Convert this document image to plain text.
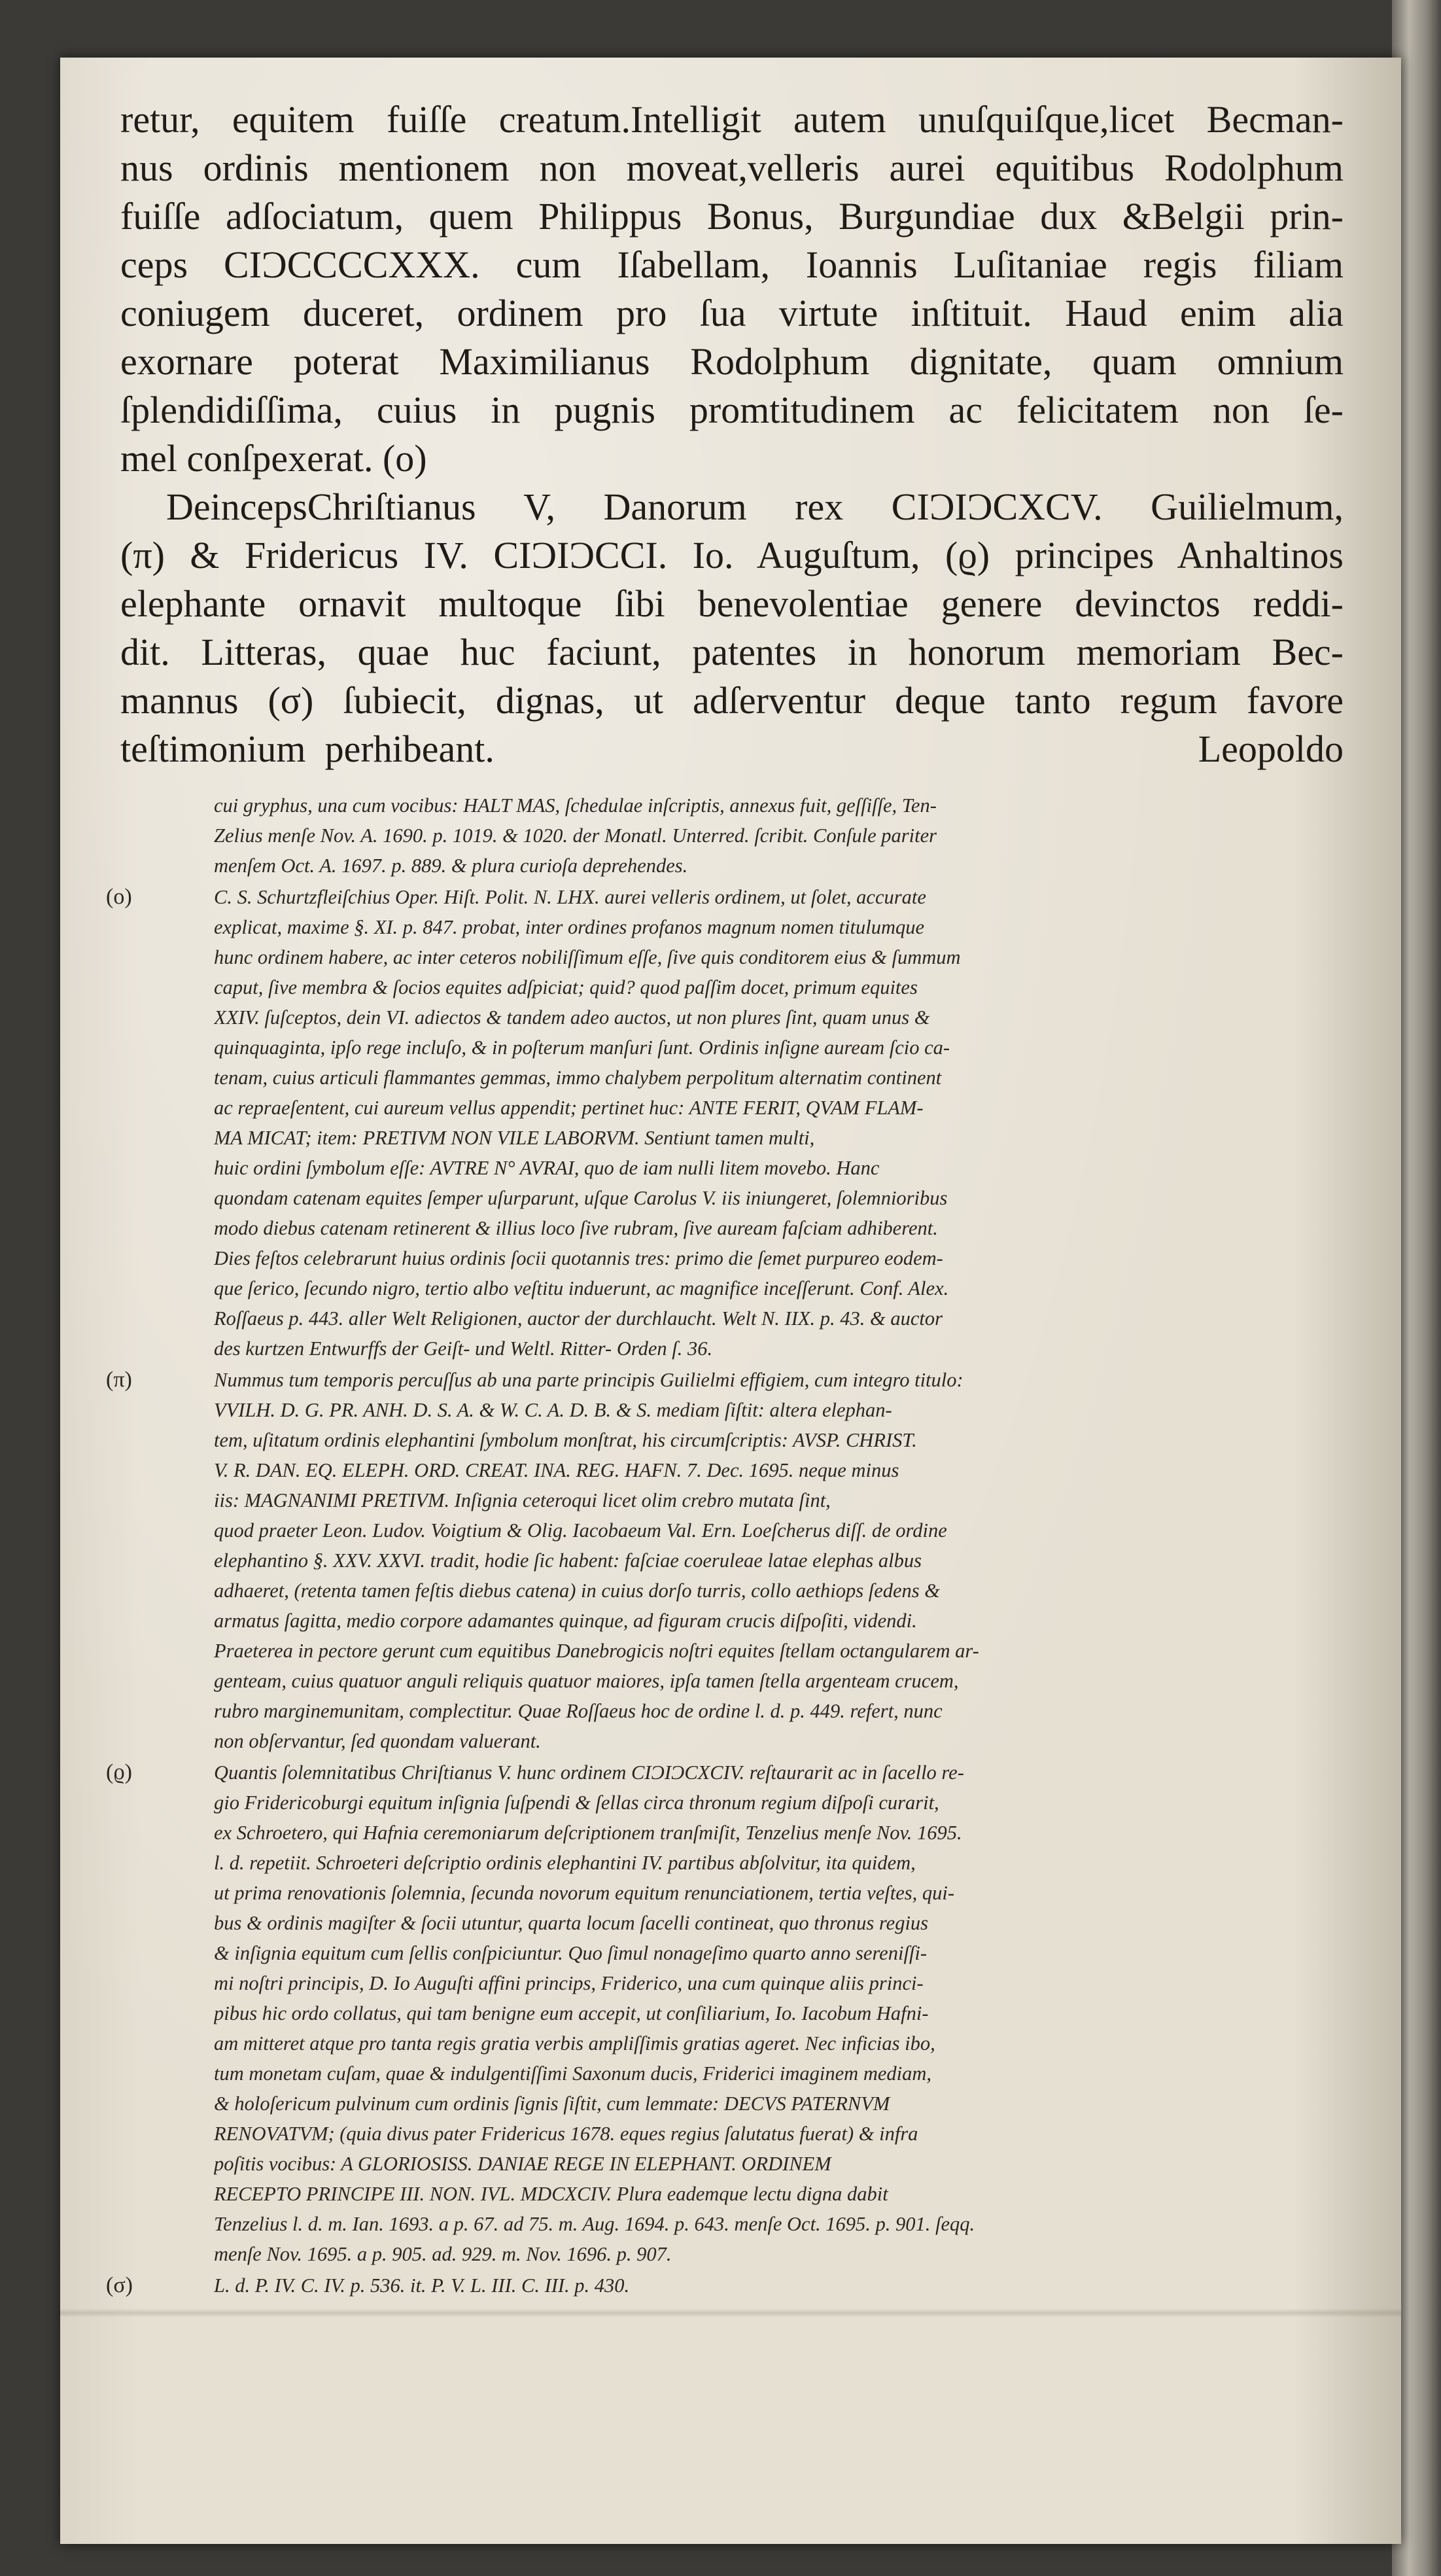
retur, equitem fuiſſe creatum.Intelligit autem unuſquiſque,licet Becman-
nus ordinis mentionem non moveat,velleris aurei equitibus Rodolphum
fuiſſe adſociatum, quem Philippus Bonus, Burgundiae dux &Belgii prin-
ceps CIƆCCCCXXX. cum Iſabellam, Ioannis Luſitaniae regis filiam
coniugem duceret, ordinem pro ſua virtute inſtituit. Haud enim alia
exornare poterat Maximilianus Rodolphum dignitate, quam omnium
ſplendidiſſima, cuius in pugnis promtitudinem ac felicitatem non ſe-
mel conſpexerat. (ο)
DeincepsChriſtianus V, Danorum rex CIƆIƆCXCV. Guilielmum,
(π) & Fridericus IV. CIƆIƆCCI. Io. Auguſtum, (ϱ) principes Anhaltinos
elephante ornavit multoque ſibi benevolentiae genere devinctos reddi-
dit. Litteras, quae huc faciunt, patentes in honorum memoriam Bec-
mannus (σ) ſubiecit, dignas, ut adſerventur deque tanto regum favore
teſtimonium perhibeant.                                     Leopoldo
cui gryphus, una cum vocibus: HALT MAS, ſchedulae inſcriptis, annexus fuit, geſſiſſe, Ten-
Zelius menſe Nov. A. 1690. p. 1019. & 1020. der Monatl. Unterred. ſcribit. Conſule pariter
menſem Oct. A. 1697. p. 889. & plura curioſa deprehendes.
(ο)	C. S. Schurtzfleiſchius Oper. Hiſt. Polit. N. LHX. aurei velleris ordinem, ut ſolet, accurate
explicat, maxime §. XI. p. 847. probat, inter ordines profanos magnum nomen titulumque
hunc ordinem habere, ac inter ceteros nobiliſſimum eſſe, ſive quis conditorem eius & ſummum
caput, ſive membra & ſocios equites adſpiciat; quid? quod paſſim docet, primum equites
XXIV. ſuſceptos, dein VI. adiectos & tandem adeo auctos, ut non plures ſint, quam unus &
quinquaginta, ipſo rege incluſo, & in poſterum manſuri ſunt. Ordinis inſigne auream ſcio ca-
tenam, cuius articuli flammantes gemmas, immo chalybem perpolitum alternatim continent
ac repraeſentent, cui aureum vellus appendit; pertinet huc: ANTE FERIT, QVAM FLAM-
MA MICAT; item: PRETIVM NON VILE LABORVM. Sentiunt tamen multi,
huic ordini ſymbolum eſſe: AVTRE N° AVRAI, quo de iam nulli litem movebo. Hanc
quondam catenam equites ſemper uſurparunt, uſque Carolus V. iis iniungeret, ſolemnioribus
modo diebus catenam retinerent & illius loco ſive rubram, ſive auream faſciam adhiberent.
Dies feſtos celebrarunt huius ordinis ſocii quotannis tres: primo die ſemet purpureo eodem-
que ſerico, ſecundo nigro, tertio albo veſtitu induerunt, ac magnifice inceſſerunt. Conf. Alex.
Roſſaeus p. 443. aller Welt Religionen, auctor der durchlaucht. Welt N. IIX. p. 43. & auctor
des kurtzen Entwurffs der Geiſt- und Weltl. Ritter- Orden ſ. 36.
(π)	Nummus tum temporis percuſſus ab una parte principis Guilielmi effigiem, cum integro titulo:
VVILH. D. G. PR. ANH. D. S. A. & W. C. A. D. B. & S. mediam ſiſtit: altera elephan-
tem, uſitatum ordinis elephantini ſymbolum monſtrat, his circumſcriptis: AVSP. CHRIST.
V. R. DAN. EQ. ELEPH. ORD. CREAT. INA. REG. HAFN. 7. Dec. 1695. neque minus
iis: MAGNANIMI PRETIVM. Inſignia ceteroqui licet olim crebro mutata ſint,
quod praeter Leon. Ludov. Voigtium & Olig. Iacobaeum Val. Ern. Loeſcherus diſſ. de ordine
elephantino §. XXV. XXVI. tradit, hodie ſic habent: faſciae coeruleae latae elephas albus
adhaeret, (retenta tamen feſtis diebus catena) in cuius dorſo turris, collo aethiops ſedens &
armatus ſagitta, medio corpore adamantes quinque, ad figuram crucis diſpoſiti, videndi.
Praeterea in pectore gerunt cum equitibus Danebrogicis noſtri equites ſtellam octangularem ar-
genteam, cuius quatuor anguli reliquis quatuor maiores, ipſa tamen ſtella argenteam crucem,
rubro marginemunitam, complectitur. Quae Roſſaeus hoc de ordine l. d. p. 449. refert, nunc
non obſervantur, ſed quondam valuerant.
(ϱ)	Quantis ſolemnitatibus Chriſtianus V. hunc ordinem CIƆIƆCXCIV. reſtaurarit ac in ſacello re-
gio Fridericoburgi equitum inſignia ſuſpendi & ſellas circa thronum regium diſpoſi curarit,
ex Schroetero, qui Hafnia ceremoniarum deſcriptionem tranſmiſit, Tenzelius menſe Nov. 1695.
l. d. repetiit. Schroeteri deſcriptio ordinis elephantini IV. partibus abſolvitur, ita quidem,
ut prima renovationis ſolemnia, ſecunda novorum equitum renunciationem, tertia veſtes, qui-
bus & ordinis magiſter & ſocii utuntur, quarta locum ſacelli contineat, quo thronus regius
& inſignia equitum cum ſellis conſpiciuntur. Quo ſimul nonageſimo quarto anno sereniſſi-
mi noſtri principis, D. Io Auguſti affini princips, Friderico, una cum quinque aliis princi-
pibus hic ordo collatus, qui tam benigne eum accepit, ut conſiliarium, Io. Iacobum Hafni-
am mitteret atque pro tanta regis gratia verbis ampliſſimis gratias ageret. Nec inficias ibo,
tum monetam cuſam, quae & indulgentiſſimi Saxonum ducis, Friderici imaginem mediam,
& holoſericum pulvinum cum ordinis ſignis ſiſtit, cum lemmate: DECVS PATERNVM
RENOVATVM; (quia divus pater Fridericus 1678. eques regius ſalutatus fuerat) & infra
poſitis vocibus: A GLORIOSISS. DANIAE REGE IN ELEPHANT. ORDINEM
RECEPTO PRINCIPE III. NON. IVL. MDCXCIV. Plura eademque lectu digna dabit
Tenzelius l. d. m. Ian. 1693. a p. 67. ad 75. m. Aug. 1694. p. 643. menſe Oct. 1695. p. 901. ſeqq.
menſe Nov. 1695. a p. 905. ad. 929. m. Nov. 1696. p. 907.
(σ)	L. d. P. IV. C. IV. p. 536. it. P. V. L. III. C. III. p. 430.
